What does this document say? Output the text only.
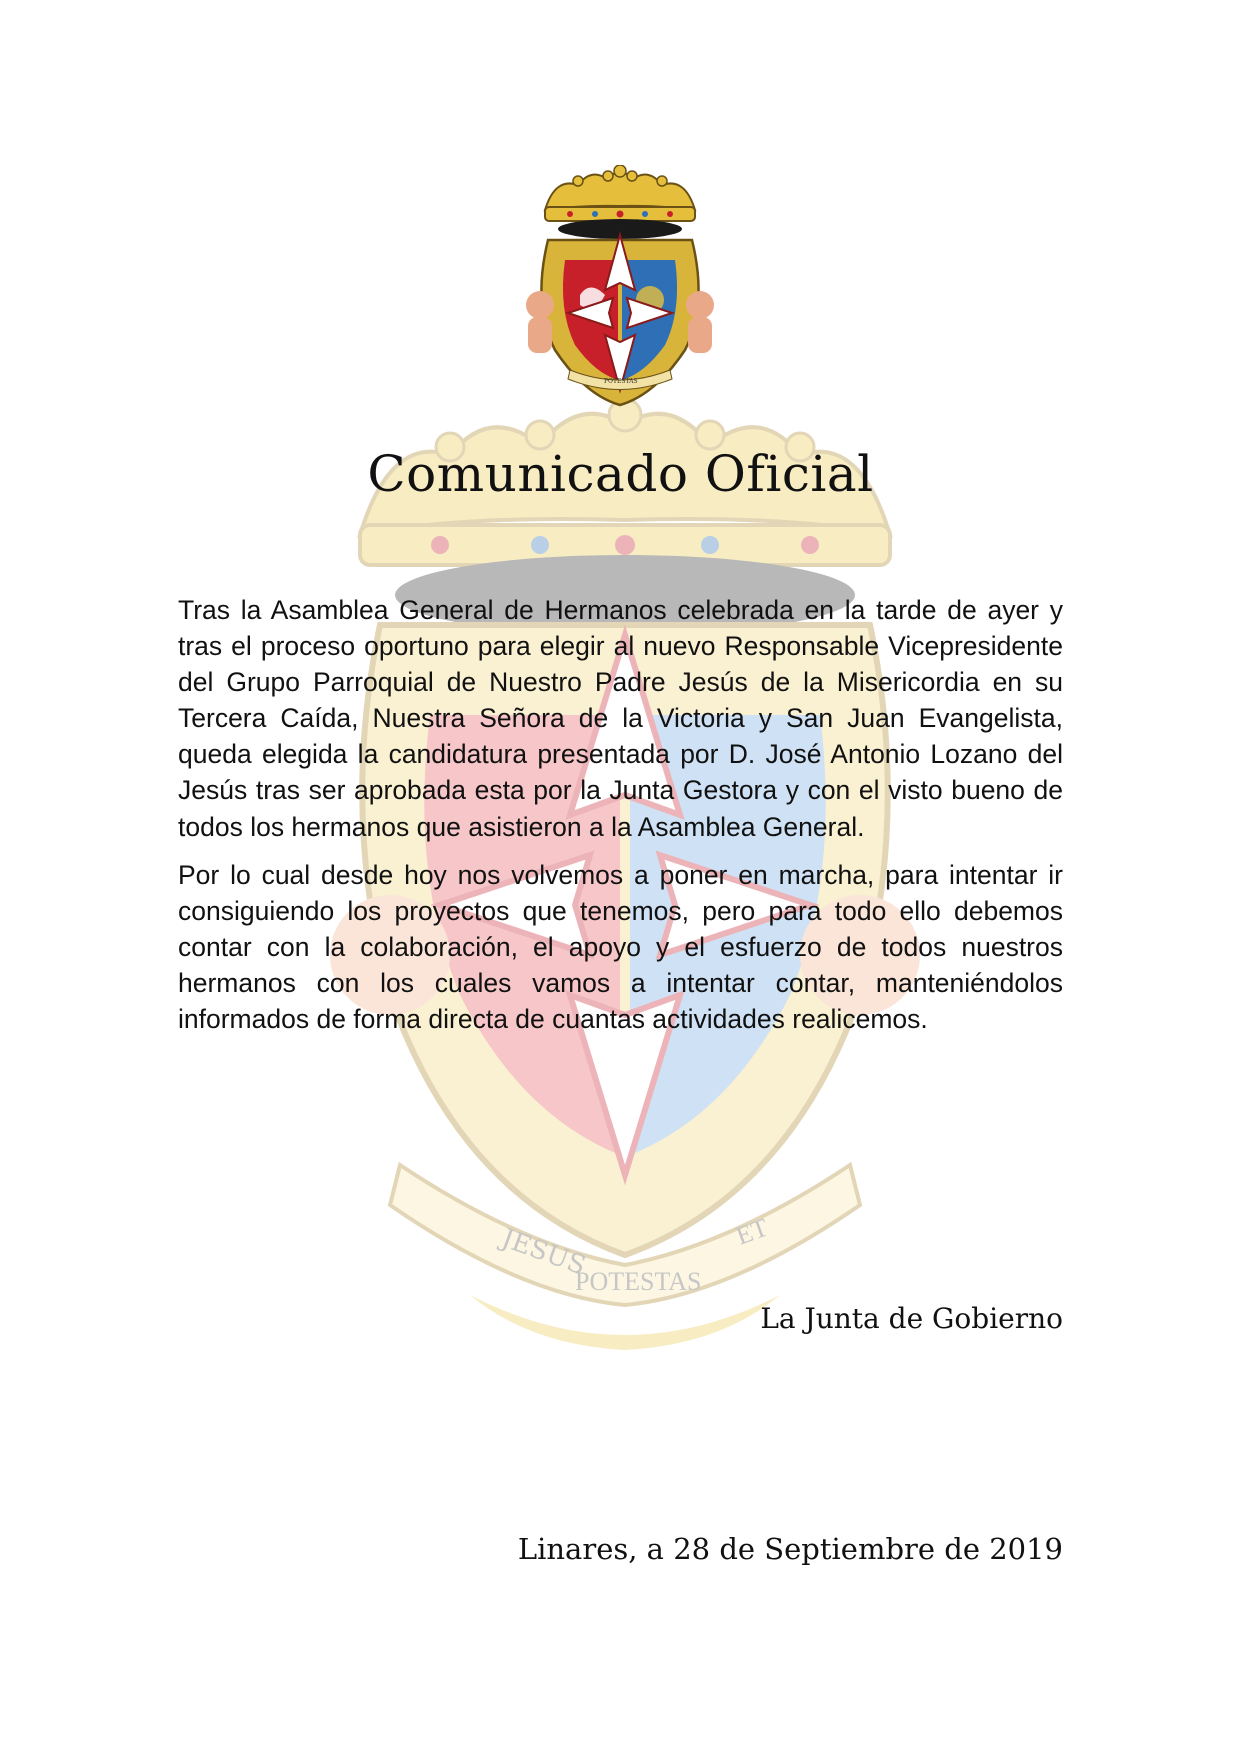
JESUS
POTESTAS
ET
POTESTAS
Comunicado Oficial

Tras la Asamblea General de Hermanos celebrada en la tarde de ayer y tras el proceso oportuno para elegir al nuevo Responsable Vicepresidente del Grupo Parroquial de Nuestro Padre Jesús de la Misericordia en su Tercera Caída, Nuestra Señora de la Victoria y San Juan Evangelista, queda elegida la candidatura presentada por D. José Antonio Lozano del Jesús tras ser aprobada esta por la Junta Gestora y con el visto bueno de todos los hermanos que asistieron a la Asamblea General.

Por lo cual desde hoy nos volvemos a poner en marcha, para intentar ir consiguiendo los proyectos que tenemos, pero para todo ello debemos contar con la colaboración, el apoyo y el esfuerzo de todos nuestros hermanos con los cuales vamos a intentar contar, manteniéndolos informados de forma directa de cuantas actividades realicemos.

La Junta de Gobierno
Linares, a 28 de Septiembre de 2019
